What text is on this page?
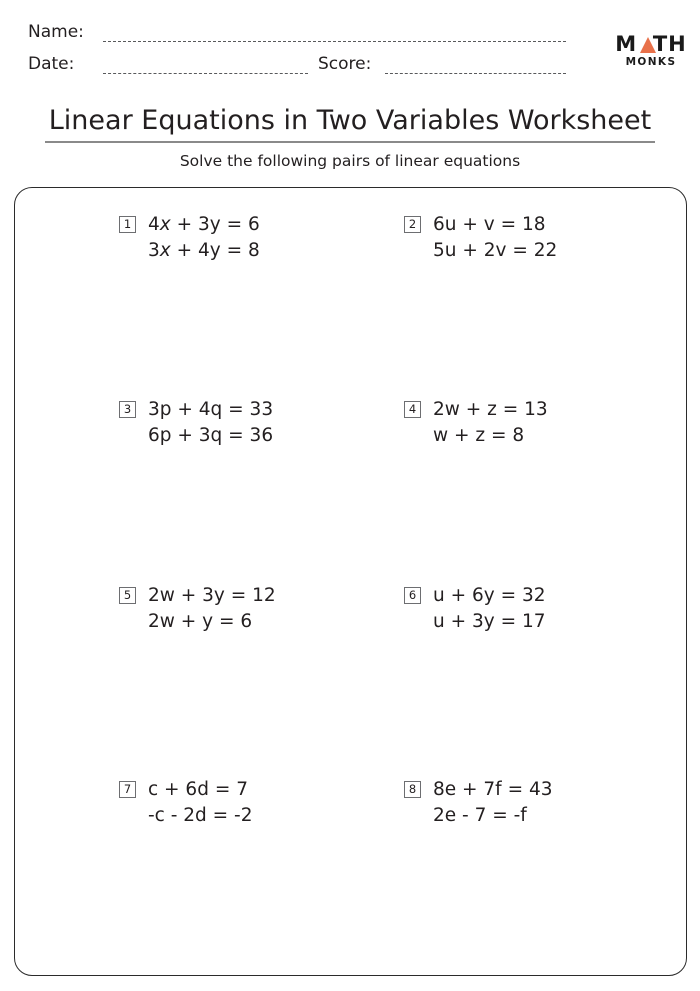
Name:
Date:	Score:
M TH
MONKS
Linear Equations in Two Variables Worksheet
Solve the following pairs of linear equations
1 4x + 3y = 6
3x + 4y = 8
2 6u + v = 18
5u + 2v = 22
3 3p + 4q = 33
6p + 3q = 36
4 2w + z = 13
w + z = 8
5 2w + 3y = 12
2w + y = 6
6 u + 6y = 32
u + 3y = 17
7 c + 6d = 7
-c - 2d = -2
8 8e + 7f = 43
2e - 7 = -f
